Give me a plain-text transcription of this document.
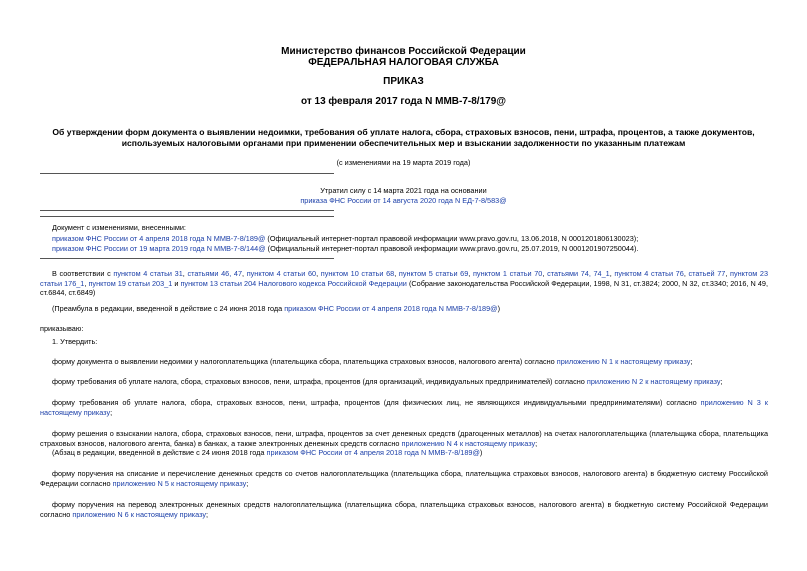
Министерство финансов Российской Федерации
ФЕДЕРАЛЬНАЯ НАЛОГОВАЯ СЛУЖБА
ПРИКАЗ
от 13 февраля 2017 года N ММВ-7-8/179@
Об утверждении форм документа о выявлении недоимки, требования об уплате налога, сбора, страховых взносов, пени, штрафа, процентов, а также документов,
используемых налоговыми органами при применении обеспечительных мер и взыскании задолженности по указанным платежам
(с изменениями на 19 марта 2019 года)
Утратил силу с 14 марта 2021 года на основании
приказа ФНС России от 14 августа 2020 года N ЕД-7-8/583@
Документ с изменениями, внесенными:
приказом ФНС России от 4 апреля 2018 года N ММВ-7-8/189@ (Официальный интернет-портал правовой информации www.pravo.gov.ru, 13.06.2018, N 0001201806130023);
приказом ФНС России от 19 марта 2019 года N ММВ-7-8/144@ (Официальный интернет-портал правовой информации www.pravo.gov.ru, 25.07.2019, N 0001201907250044).
В соответствии с пунктом 4 статьи 31, статьями 46, 47, пунктом 4 статьи 60, пунктом 10 статьи 68, пунктом 5 статьи 69, пунктом 1 статьи 70, статьями 74, 74_1, пунктом 4 статьи 76, статьей 77, пунктом 23 статьи 176_1, пунктом 19 статьи 203_1 и пунктом 13 статьи 204 Налогового кодекса Российской Федерации (Собрание законодательства Российской Федерации, 1998, N 31, ст.3824; 2000, N 32, ст.3340; 2016, N 49, ст.6844, ст.6849)
(Преамбула в редакции, введенной в действие с 24 июня 2018 года приказом ФНС России от 4 апреля 2018 года N ММВ-7-8/189@)
приказываю:
1. Утвердить:
форму документа о выявлении недоимки у налогоплательщика (плательщика сбора, плательщика страховых взносов, налогового агента) согласно приложению N 1 к настоящему приказу;
форму требования об уплате налога, сбора, страховых взносов, пени, штрафа, процентов (для организаций, индивидуальных предпринимателей) согласно приложению N 2 к настоящему приказу;
форму требования об уплате налога, сбора, страховых взносов, пени, штрафа, процентов (для физических лиц, не являющихся индивидуальными предпринимателями) согласно приложению N 3 к настоящему приказу;
форму решения о взыскании налога, сбора, страховых взносов, пени, штрафа, процентов за счет денежных средств (драгоценных металлов) на счетах налогоплательщика (плательщика сбора, плательщика страховых взносов, налогового агента, банка) в банках, а также электронных денежных средств согласно приложению N 4 к настоящему приказу;
(Абзац в редакции, введенной в действие с 24 июня 2018 года приказом ФНС России от 4 апреля 2018 года N ММВ-7-8/189@)
форму поручения на списание и перечисление денежных средств со счетов налогоплательщика (плательщика сбора, плательщика страховых взносов, налогового агента) в бюджетную систему Российской Федерации согласно приложению N 5 к настоящему приказу;
форму поручения на перевод электронных денежных средств налогоплательщика (плательщика сбора, плательщика страховых взносов, налогового агента) в бюджетную систему Российской Федерации согласно приложению N 6 к настоящему приказу;
